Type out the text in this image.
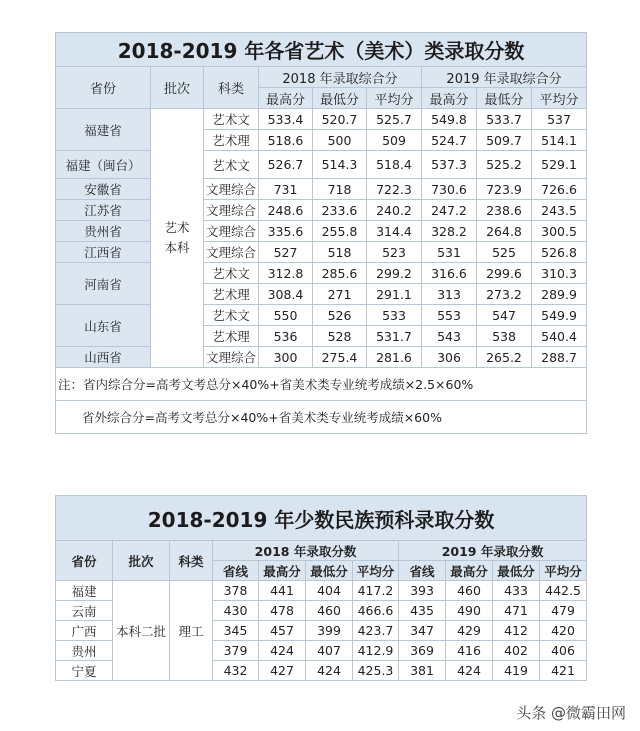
2018-2019 年各省艺术（美术）类录取分数								
省份	批次	科类	2018 年录取综合分			2019 年录取综合分		
			最高分	最低分	平均分	最高分	最低分	平均分
福建省	艺术本科	艺术文	533.4	520.7	525.7	549.8	533.7	537
		艺术理	518.6	500	509	524.7	509.7	514.1
福建（闽台）		艺术文	526.7	514.3	518.4	537.3	525.2	529.1
安徽省		文理综合	731	718	722.3	730.6	723.9	726.6
江苏省		文理综合	248.6	233.6	240.2	247.2	238.6	243.5
贵州省		文理综合	335.6	255.8	314.4	328.2	264.8	300.5
江西省		文理综合	527	518	523	531	525	526.8
河南省		艺术文	312.8	285.6	299.2	316.6	299.6	310.3
		艺术理	308.4	271	291.1	313	273.2	289.9
山东省		艺术文	550	526	533	553	547	549.9
		艺术理	536	528	531.7	543	538	540.4
山西省		文理综合	300	275.4	281.6	306	265.2	288.7
注：省内综合分=高考文考总分×40%+省美术类专业统考成绩×2.5×60%								
省外综合分=高考文考总分×40%+省美术类专业统考成绩×60%								
2018-2019 年少数民族预科录取分数										
省份	批次	科类	2018 年录取分数				2019 年录取分数			
			省线	最高分	最低分	平均分	省线	最高分	最低分	平均分
福建	本科二批	理工	378	441	404	417.2	393	460	433	442.5
云南			430	478	460	466.6	435	490	471	479
广西			345	457	399	423.7	347	429	412	420
贵州			379	424	407	412.9	369	416	402	406
宁夏			432	427	424	425.3	381	424	419	421
头条 @微霸田网
